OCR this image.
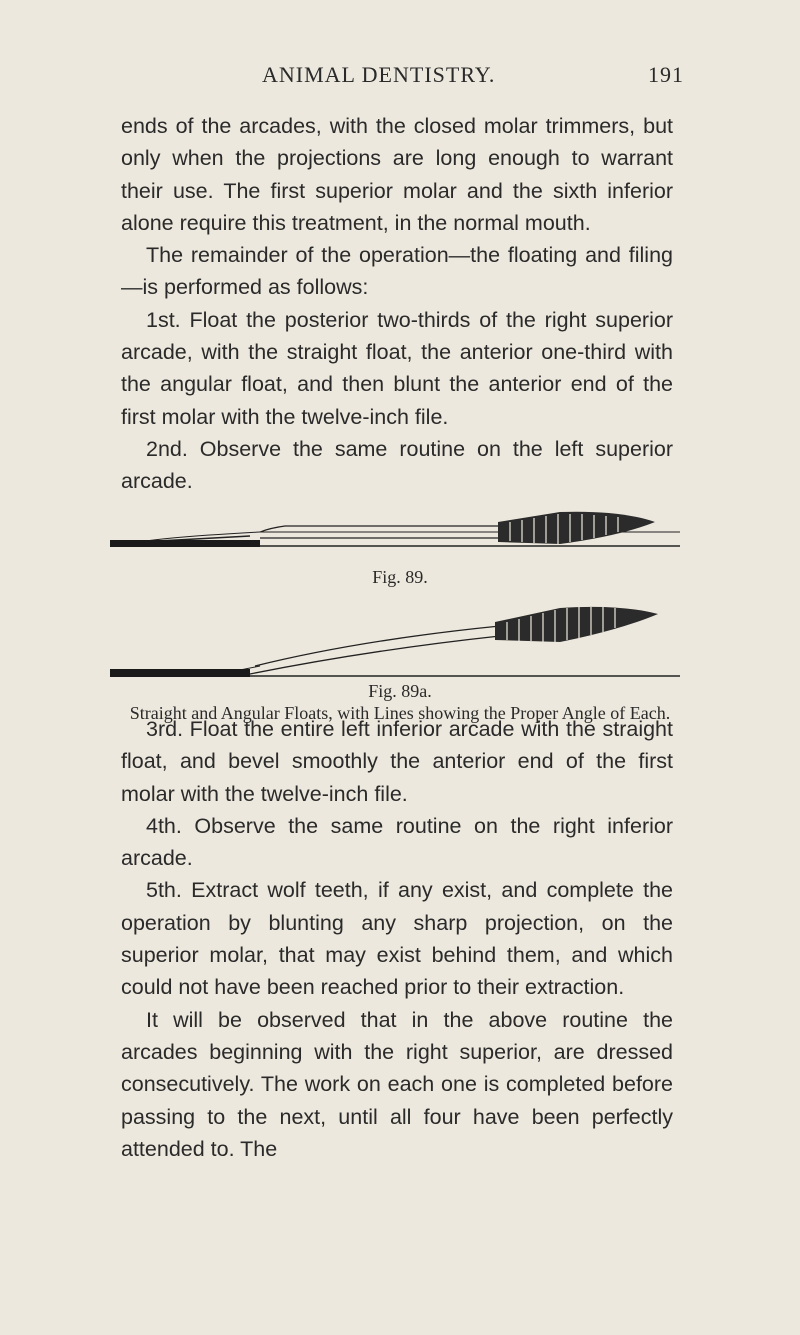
ANIMAL DENTISTRY.	191

ends of the arcades, with the closed molar trimmers, but only when the projections are long enough to warrant their use. The first superior molar and the sixth inferior alone require this treatment, in the normal mouth.

The remainder of the operation—the floating and filing—is performed as follows:

1st. Float the posterior two-thirds of the right superior arcade, with the straight float, the anterior one-third with the angular float, and then blunt the anterior end of the first molar with the twelve-inch file.

2nd. Observe the same routine on the left superior arcade.

Fig. 89.
Fig. 89a.
Straight and Angular Floats, with Lines showing the Proper Angle of Each.

3rd. Float the entire left inferior arcade with the straight float, and bevel smoothly the anterior end of the first molar with the twelve-inch file.

4th. Observe the same routine on the right inferior arcade.

5th. Extract wolf teeth, if any exist, and complete the operation by blunting any sharp projection, on the superior molar, that may exist behind them, and which could not have been reached prior to their extraction.

It will be observed that in the above routine the arcades beginning with the right superior, are dressed consecutively. The work on each one is completed before passing to the next, until all four have been perfectly attended to. The
